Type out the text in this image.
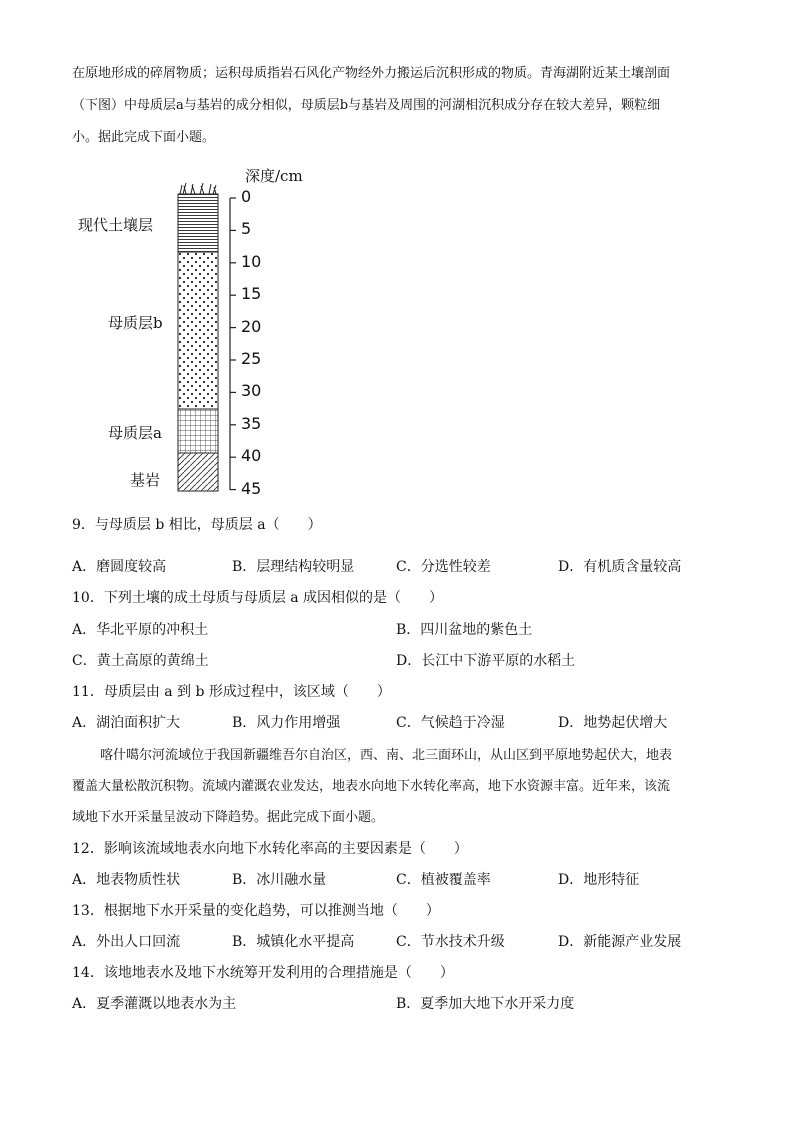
在原地形成的碎屑物质；运积母质指岩石风化产物经外力搬运后沉积形成的物质。青海湖附近某土壤剖面
（下图）中母质层a与基岩的成分相似，母质层b与基岩及周围的河湖相沉积成分存在较大差异，颗粒细
小。据此完成下面小题。
深度/cm
现代土壤层
母质层b
母质层a
基岩
0
5
10
15
20
25
30
35
40
45
9．与母质层 b 相比，母质层 a（　　）
A．磨圆度较高	B．层理结构较明显	C．分选性较差	D．有机质含量较高
10．下列土壤的成土母质与母质层 a 成因相似的是（　　）
A．华北平原的冲积土	B．四川盆地的紫色土
C．黄土高原的黄绵土	D．长江中下游平原的水稻土
11．母质层由 a 到 b 形成过程中，该区域（　　）
A．湖泊面积扩大	B．风力作用增强	C．气候趋于冷湿	D．地势起伏增大
喀什噶尔河流域位于我国新疆维吾尔自治区，西、南、北三面环山，从山区到平原地势起伏大，地表
覆盖大量松散沉积物。流域内灌溉农业发达，地表水向地下水转化率高，地下水资源丰富。近年来，该流
域地下水开采量呈波动下降趋势。据此完成下面小题。
12．影响该流域地表水向地下水转化率高的主要因素是（　　）
A．地表物质性状	B．冰川融水量	C．植被覆盖率	D．地形特征
13．根据地下水开采量的变化趋势，可以推测当地（　　）
A．外出人口回流	B．城镇化水平提高	C．节水技术升级	D．新能源产业发展
14．该地地表水及地下水统筹开发利用的合理措施是（　　）
A．夏季灌溉以地表水为主	B．夏季加大地下水开采力度
